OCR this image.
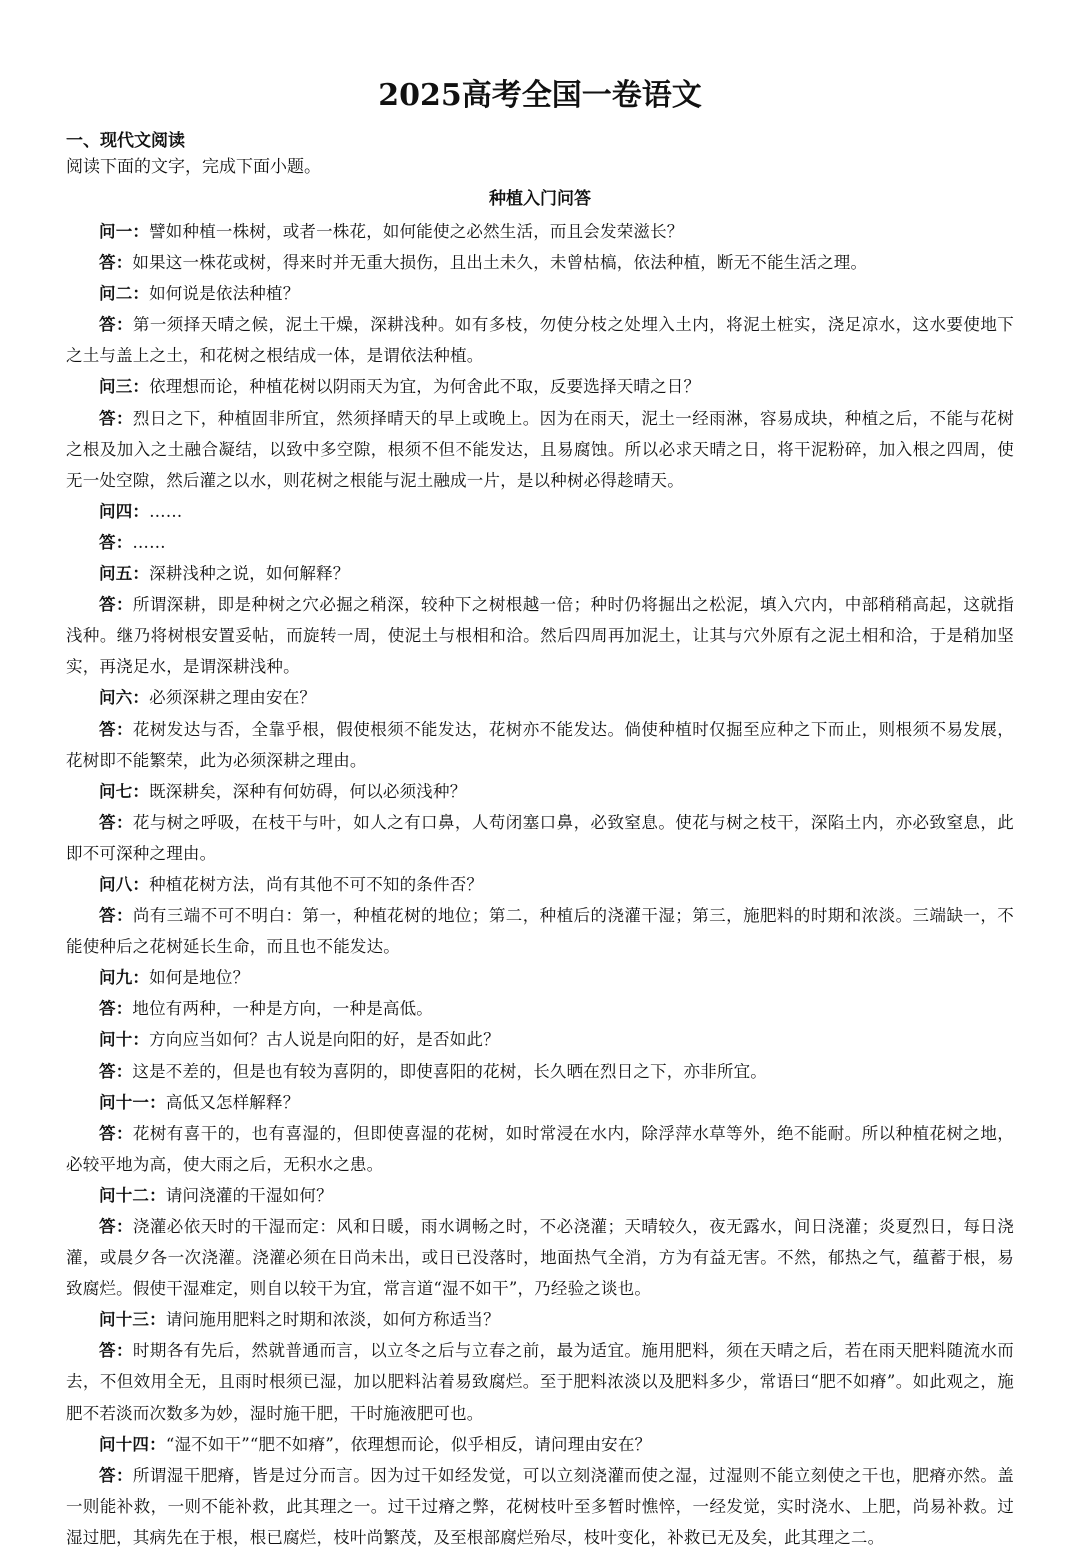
2025高考全国一卷语文
一、现代文阅读
阅读下面的文字，完成下面小题。
种植入门问答

问一：譬如种植一株树，或者一株花，如何能使之必然生活，而且会发荣滋长？

答：如果这一株花或树，得来时并无重大损伤，且出土未久，未曾枯槁，依法种植，断无不能生活之理。

问二：如何说是依法种植？

答：第一须择天晴之候，泥土干燥，深耕浅种。如有多枝，勿使分枝之处埋入土内，将泥土桩实，浇足凉水，这水要使地下之土与盖上之土，和花树之根结成一体，是谓依法种植。

问三：依理想而论，种植花树以阴雨天为宜，为何舍此不取，反要选择天晴之日？

答：烈日之下，种植固非所宜，然须择晴天的早上或晚上。因为在雨天，泥土一经雨淋，容易成块，种植之后，不能与花树之根及加入之土融合凝结，以致中多空隙，根须不但不能发达，且易腐蚀。所以必求天晴之日，将干泥粉碎，加入根之四周，使无一处空隙，然后灌之以水，则花树之根能与泥土融成一片，是以种树必得趁晴天。

问四：……

答：……

问五：深耕浅种之说，如何解释？

答：所谓深耕，即是种树之穴必掘之稍深，较种下之树根越一倍；种时仍将掘出之松泥，填入穴内，中部稍稍高起，这就指浅种。继乃将树根安置妥帖，而旋转一周，使泥土与根相和洽。然后四周再加泥土，让其与穴外原有之泥土相和洽，于是稍加坚实，再浇足水，是谓深耕浅种。

问六：必须深耕之理由安在？

答：花树发达与否，全靠乎根，假使根须不能发达，花树亦不能发达。倘使种植时仅掘至应种之下而止，则根须不易发展，花树即不能繁荣，此为必须深耕之理由。

问七：既深耕矣，深种有何妨碍，何以必须浅种？

答：花与树之呼吸，在枝干与叶，如人之有口鼻，人苟闭塞口鼻，必致窒息。使花与树之枝干，深陷土内，亦必致窒息，此即不可深种之理由。

问八：种植花树方法，尚有其他不可不知的条件否？

答：尚有三端不可不明白：第一，种植花树的地位；第二，种植后的浇灌干湿；第三，施肥料的时期和浓淡。三端缺一，不能使种后之花树延长生命，而且也不能发达。

问九：如何是地位？

答：地位有两种，一种是方向，一种是高低。

问十：方向应当如何？古人说是向阳的好，是否如此？

答：这是不差的，但是也有较为喜阴的，即使喜阳的花树，长久晒在烈日之下，亦非所宜。

问十一：高低又怎样解释？

答：花树有喜干的，也有喜湿的，但即使喜湿的花树，如时常浸在水内，除浮萍水草等外，绝不能耐。所以种植花树之地，必较平地为高，使大雨之后，无积水之患。

问十二：请问浇灌的干湿如何？

答：浇灌必依天时的干湿而定：风和日暖，雨水调畅之时，不必浇灌；天晴较久，夜无露水，间日浇灌；炎夏烈日，每日浇灌，或晨夕各一次浇灌。浇灌必须在日尚未出，或日已没落时，地面热气全消，方为有益无害。不然，郁热之气，蕴蓄于根，易致腐烂。假使干湿难定，则自以较干为宜，常言道“湿不如干”，乃经验之谈也。

问十三：请问施用肥料之时期和浓淡，如何方称适当？

答：时期各有先后，然就普通而言，以立冬之后与立春之前，最为适宜。施用肥料，须在天晴之后，若在雨天肥料随流水而去，不但效用全无，且雨时根须已湿，加以肥料沾着易致腐烂。至于肥料浓淡以及肥料多少，常语曰“肥不如瘠”。如此观之，施肥不若淡而次数多为妙，湿时施干肥，干时施液肥可也。

问十四：“湿不如干”“肥不如瘠”，依理想而论，似乎相反，请问理由安在？

答：所谓湿干肥瘠，皆是过分而言。因为过干如经发觉，可以立刻浇灌而使之湿，过湿则不能立刻使之干也，肥瘠亦然。盖一则能补救，一则不能补救，此其理之一。过干过瘠之弊，花树枝叶至多暂时憔悴，一经发觉，实时浇水、上肥，尚易补救。过湿过肥，其病先在于根，根已腐烂，枝叶尚繁茂，及至根部腐烂殆尽，枝叶变化，补救已无及矣，此其理之二。
